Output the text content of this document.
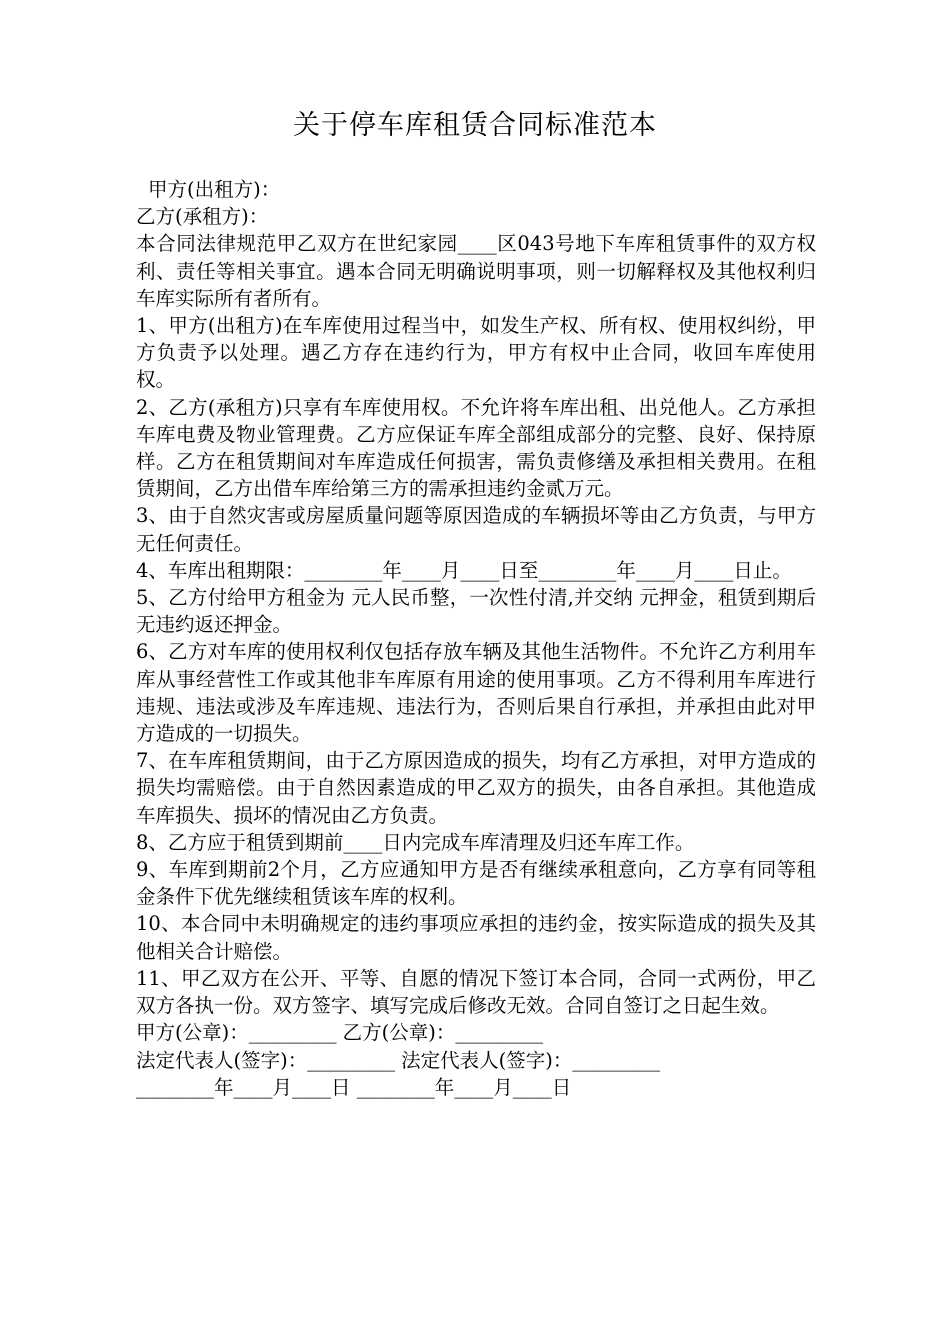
关于停车库租赁合同标准范本

甲方(出租方)：

乙方(承租方)：

本合同法律规范甲乙双方在世纪家园____区043号地下车库租赁事件的双方权利、责任等相关事宜。遇本合同无明确说明事项，则一切解释权及其他权利归车库实际所有者所有。

1、甲方(出租方)在车库使用过程当中，如发生产权、所有权、使用权纠纷，甲方负责予以处理。遇乙方存在违约行为，甲方有权中止合同，收回车库使用权。

2、乙方(承租方)只享有车库使用权。不允许将车库出租、出兑他人。乙方承担车库电费及物业管理费。乙方应保证车库全部组成部分的完整、良好、保持原样。乙方在租赁期间对车库造成任何损害，需负责修缮及承担相关费用。在租赁期间，乙方出借车库给第三方的需承担违约金贰万元。

3、由于自然灾害或房屋质量问题等原因造成的车辆损坏等由乙方负责，与甲方无任何责任。

4、车库出租期限：________年____月____日至________年____月____日止。

5、乙方付给甲方租金为 元人民币整，一次性付清,并交纳 元押金，租赁到期后无违约返还押金。

6、乙方对车库的使用权利仅包括存放车辆及其他生活物件。不允许乙方利用车库从事经营性工作或其他非车库原有用途的使用事项。乙方不得利用车库进行违规、违法或涉及车库违规、违法行为，否则后果自行承担，并承担由此对甲方造成的一切损失。

7、在车库租赁期间，由于乙方原因造成的损失，均有乙方承担，对甲方造成的损失均需赔偿。由于自然因素造成的甲乙双方的损失，由各自承担。其他造成车库损失、损坏的情况由乙方负责。

8、乙方应于租赁到期前____日内完成车库清理及归还车库工作。

9、车库到期前2个月，乙方应通知甲方是否有继续承租意向，乙方享有同等租金条件下优先继续租赁该车库的权利。

10、本合同中未明确规定的违约事项应承担的违约金，按实际造成的损失及其他相关合计赔偿。

11、甲乙双方在公开、平等、自愿的情况下签订本合同，合同一式两份，甲乙双方各执一份。双方签字、填写完成后修改无效。合同自签订之日起生效。

甲方(公章)：_________ 乙方(公章)：_________

法定代表人(签字)：_________ 法定代表人(签字)：_________

________年____月____日 ________年____月____日
